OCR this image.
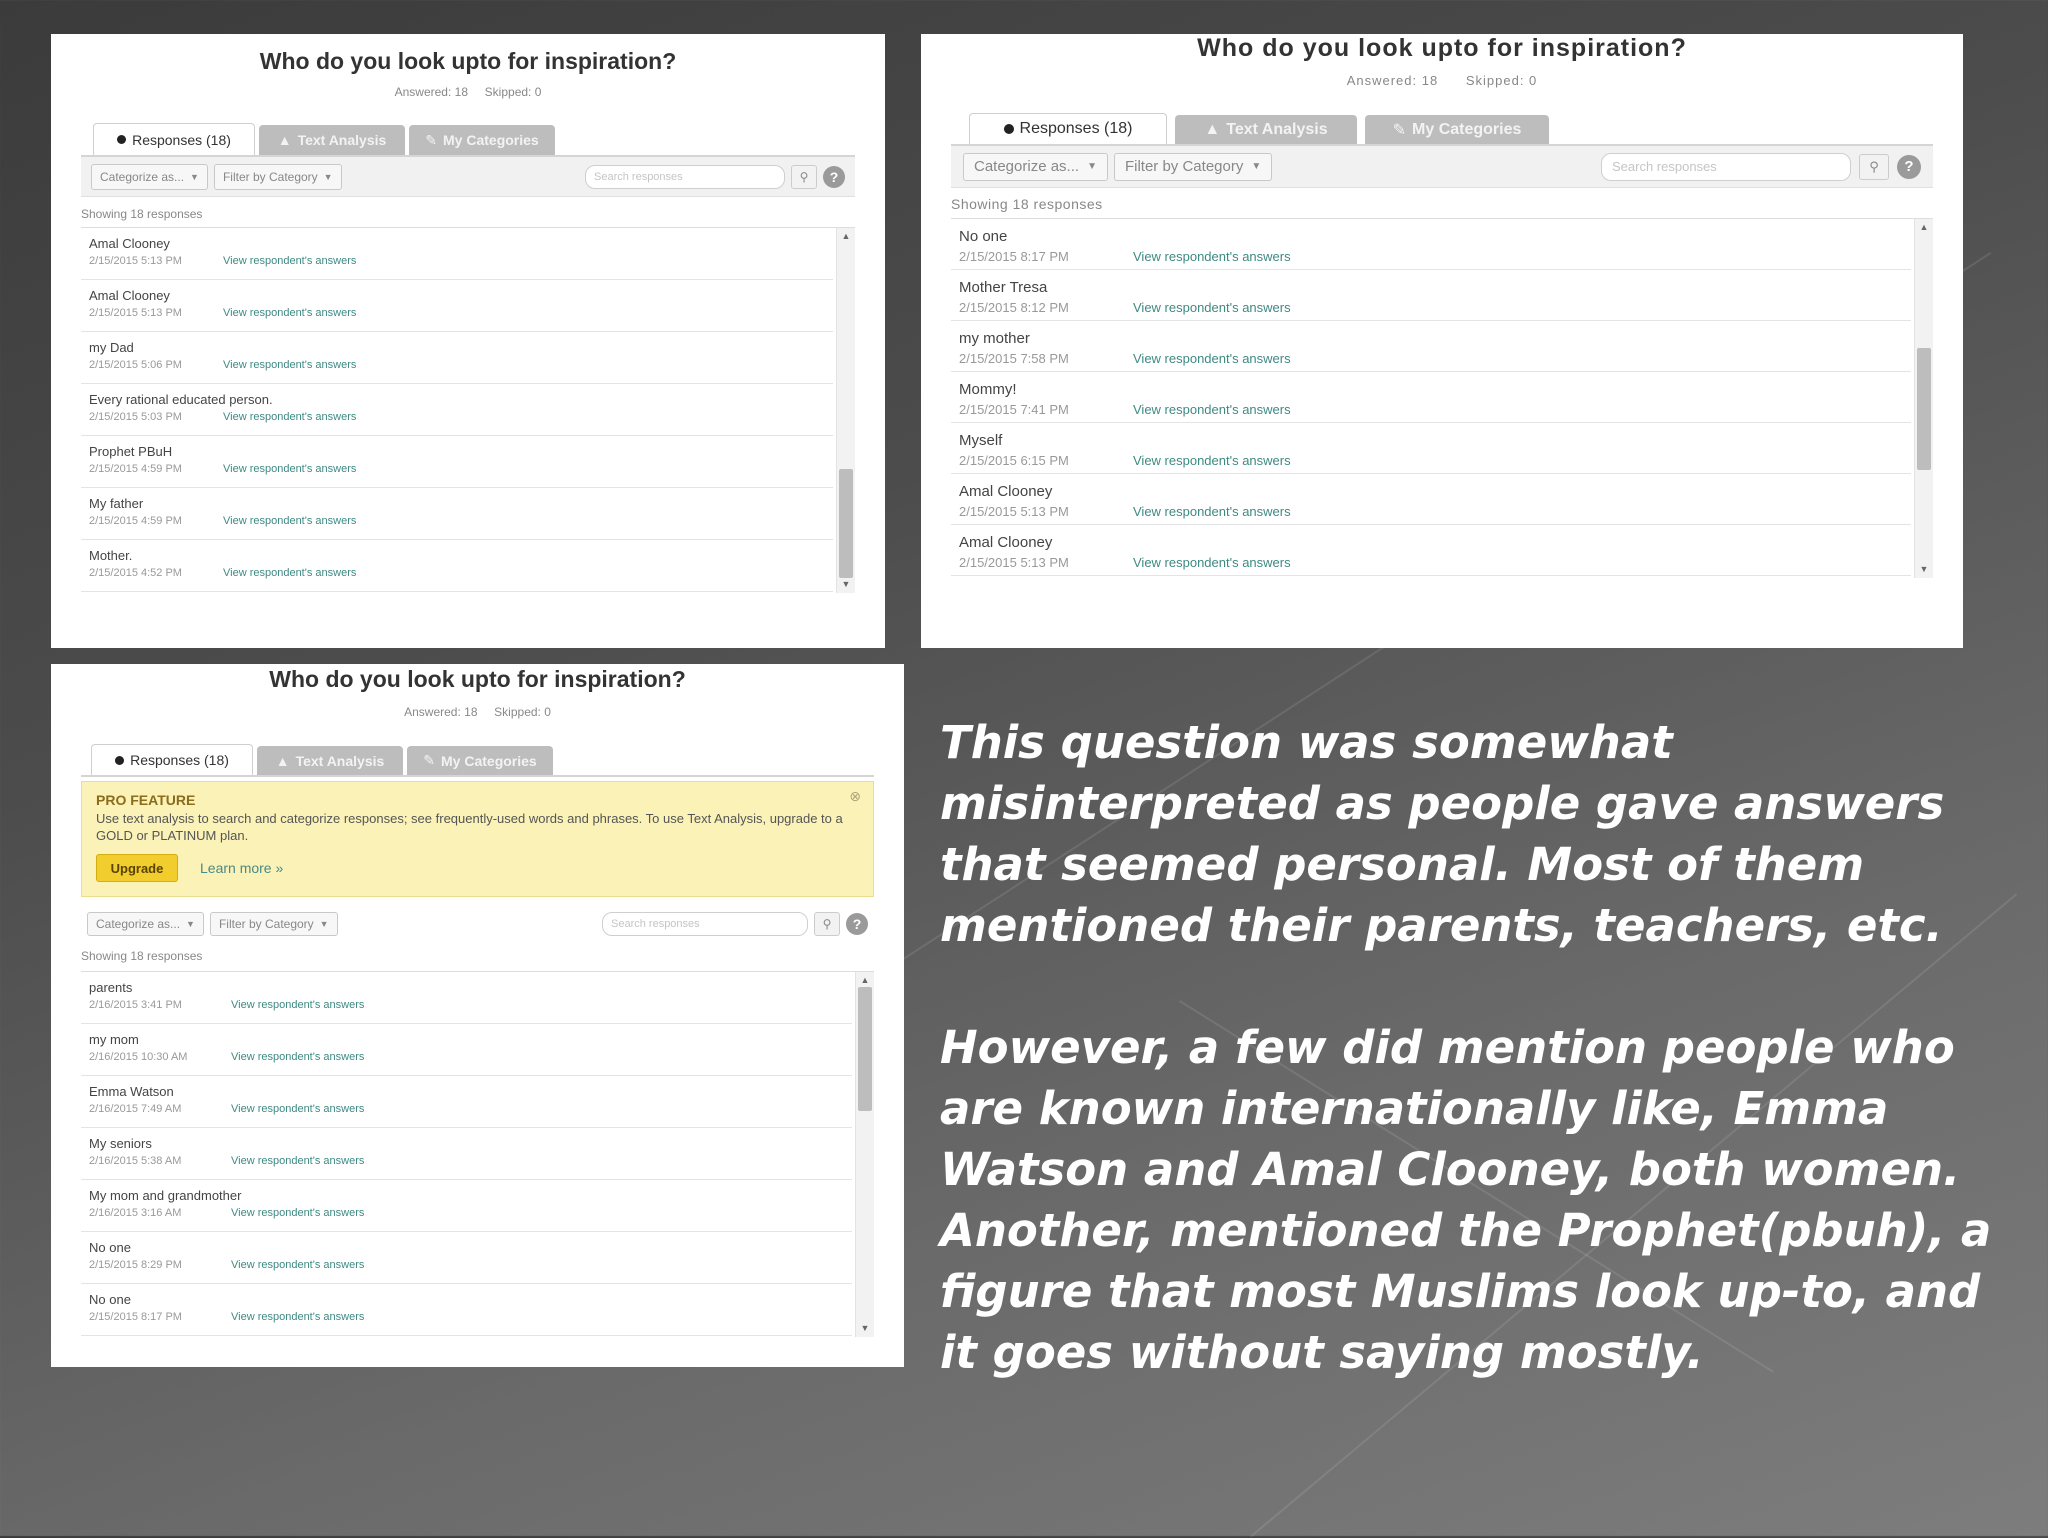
Who do you look upto for inspiration?
Answered: 18 Skipped: 0
Responses (18)	▲ Text Analysis	✎ My Categories
Categorize as... ▼ Filter by Category ▼	Search responses	⚲ ?
Showing 18 responses
Amal Clooney
2/15/2015 5:13 PM	View respondent's answers
Amal Clooney
2/15/2015 5:13 PM	View respondent's answers
my Dad
2/15/2015 5:06 PM	View respondent's answers
Every rational educated person.
2/15/2015 5:03 PM	View respondent's answers
Prophet PBuH
2/15/2015 4:59 PM	View respondent's answers
My father
2/15/2015 4:59 PM	View respondent's answers
Mother.
2/15/2015 4:52 PM	View respondent's answers
▲
▼
Who do you look upto for inspiration?
Answered: 18 Skipped: 0
Responses (18)	▲ Text Analysis	✎ My Categories
Categorize as... ▼ Filter by Category ▼	Search responses	⚲ ?
Showing 18 responses
No one
2/15/2015 8:17 PM	View respondent's answers
Mother Tresa
2/15/2015 8:12 PM	View respondent's answers
my mother
2/15/2015 7:58 PM	View respondent's answers
Mommy!
2/15/2015 7:41 PM	View respondent's answers
Myself
2/15/2015 6:15 PM	View respondent's answers
Amal Clooney
2/15/2015 5:13 PM	View respondent's answers
Amal Clooney
2/15/2015 5:13 PM	View respondent's answers
▲
▼
Who do you look upto for inspiration?
Answered: 18 Skipped: 0
Responses (18)	▲ Text Analysis	✎ My Categories
PRO FEATURE
Use text analysis to search and categorize responses; see frequently-used words and phrases. To use Text Analysis, upgrade to a GOLD or PLATINUM plan.
Upgrade	Learn more »
⊗
Categorize as... ▼ Filter by Category ▼	Search responses	⚲ ?
Showing 18 responses
parents
2/16/2015 3:41 PM	View respondent's answers
my mom
2/16/2015 10:30 AM	View respondent's answers
Emma Watson
2/16/2015 7:49 AM	View respondent's answers
My seniors
2/16/2015 5:38 AM	View respondent's answers
My mom and grandmother
2/16/2015 3:16 AM	View respondent's answers
No one
2/15/2015 8:29 PM	View respondent's answers
No one
2/15/2015 8:17 PM	View respondent's answers
▲
▼

This question was somewhat misinterpreted as people gave answers that seemed personal. Most of them mentioned their parents, teachers, etc.

However, a few did mention people who are known internationally like, Emma Watson and Amal Clooney, both women. Another, mentioned the Prophet(pbuh), a figure that most Muslims look up-to, and it goes without saying mostly.
